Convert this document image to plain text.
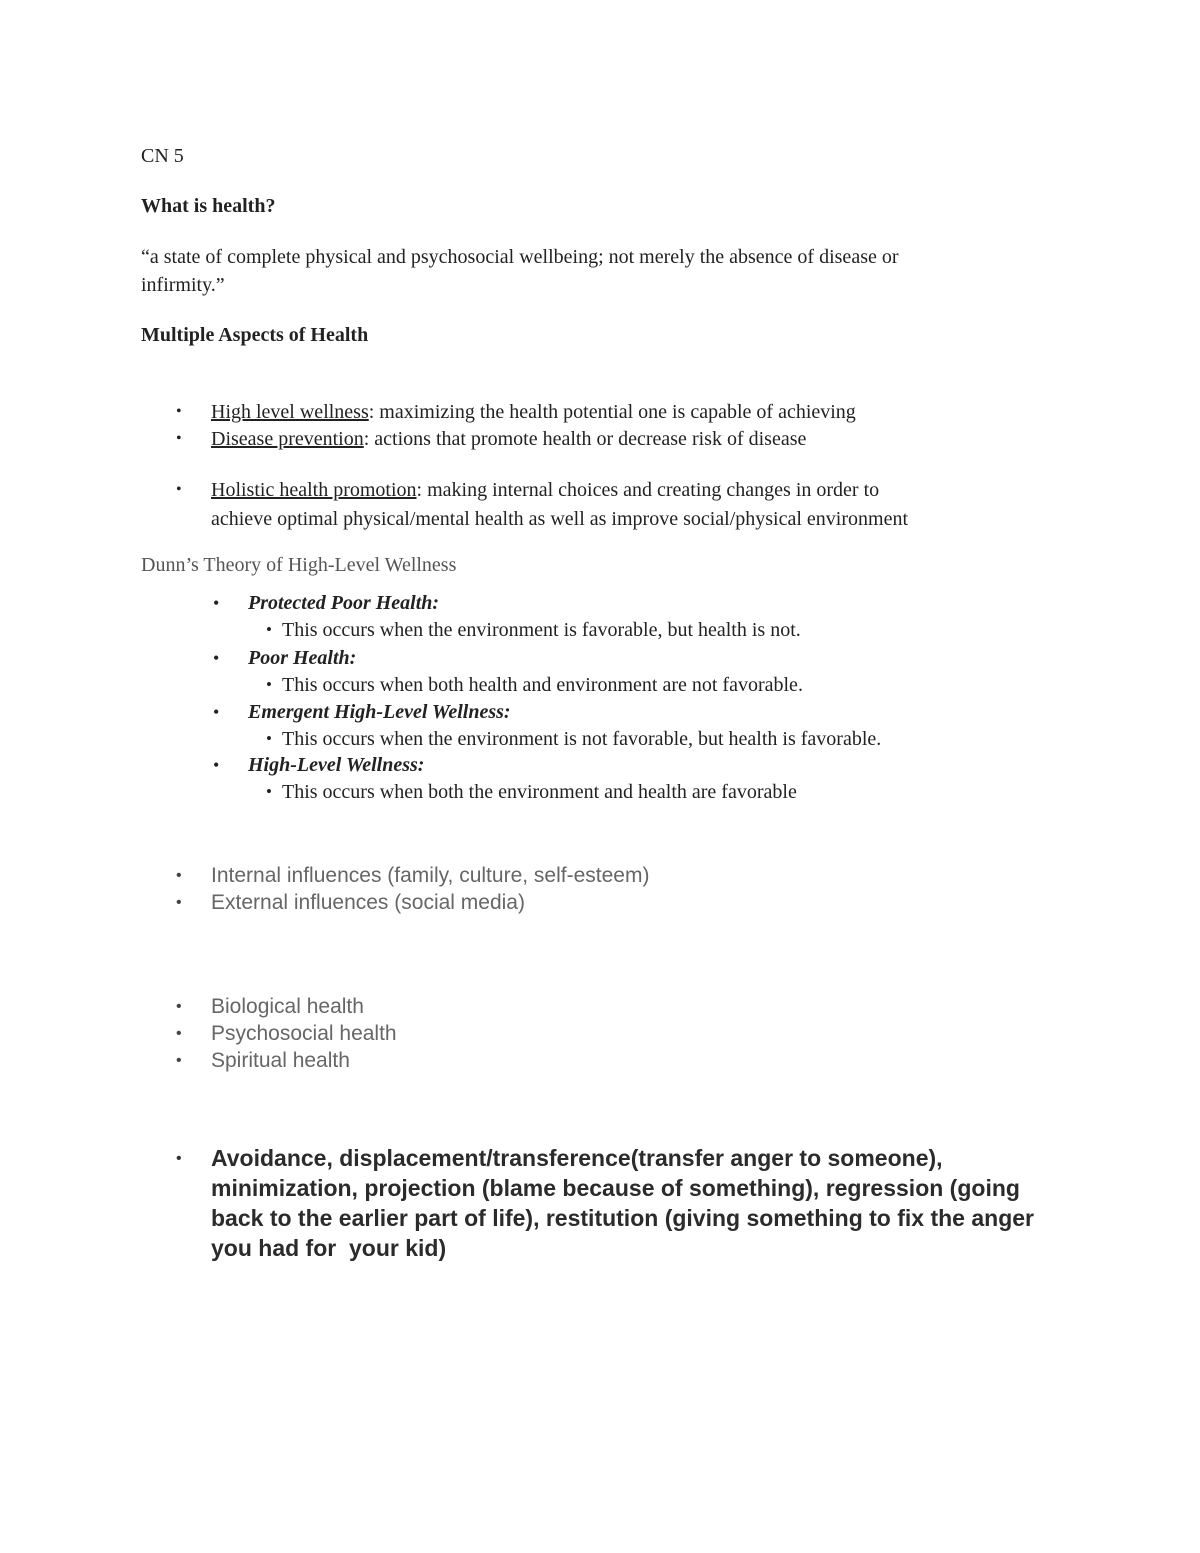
CN 5
What is health?
“a state of complete physical and psychosocial wellbeing; not merely the absence of disease or
infirmity.”
Multiple Aspects of Health
• High level wellness: maximizing the health potential one is capable of achieving
• Disease prevention: actions that promote health or decrease risk of disease
• Holistic health promotion: making internal choices and creating changes in order to
achieve optimal physical/mental health as well as improve social/physical environment
Dunn’s Theory of High-Level Wellness
• Protected Poor Health:
• This occurs when the environment is favorable, but health is not.
• Poor Health:
• This occurs when both health and environment are not favorable.
• Emergent High-Level Wellness:
• This occurs when the environment is not favorable, but health is favorable.
• High-Level Wellness:
• This occurs when both the environment and health are favorable
• Internal influences (family, culture, self-esteem)
• External influences (social media)
• Biological health
• Psychosocial health
• Spiritual health
• Avoidance, displacement/transference(transfer anger to someone),
minimization, projection (blame because of something), regression (going
back to the earlier part of life), restitution (giving something to fix the anger
you had for  your kid)
